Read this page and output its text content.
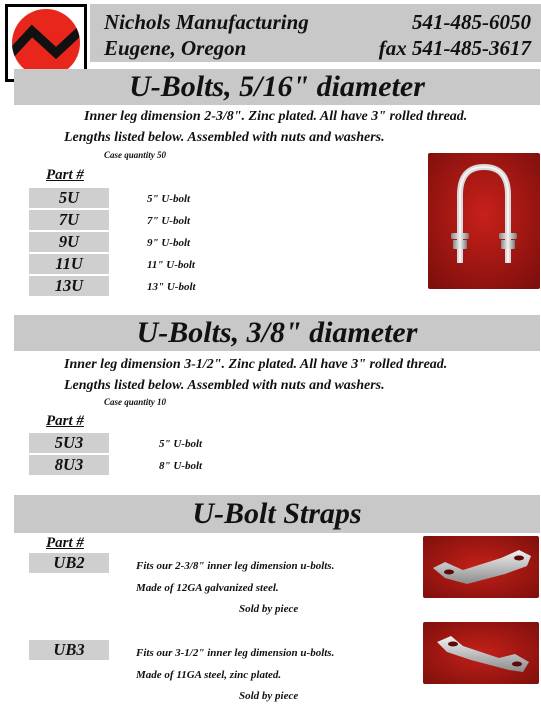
Nichols Manufacturing
Eugene, Oregon
541-485-6050
fax 541-485-3617
U-Bolts, 5/16" diameter
Inner leg dimension 2-3/8". Zinc plated. All have 3" rolled thread.
Lengths listed below. Assembled with nuts and washers.
Case quantity 50
Part #
5U	5" U-bolt
7U	7" U-bolt
9U	9" U-bolt
11U	11" U-bolt
13U	13" U-bolt
U-Bolts, 3/8" diameter
Inner leg dimension 3-1/2". Zinc plated. All have 3" rolled thread.
Lengths listed below. Assembled with nuts and washers.
Case quantity 10
Part #
5U3	5" U-bolt
8U3	8" U-bolt
U-Bolt Straps
Part #
UB2	Fits our 2-3/8" inner leg dimension u-bolts.
Made of 12GA galvanized steel.
Sold by piece
UB3	Fits our 3-1/2" inner leg dimension u-bolts.
Made of 11GA steel, zinc plated.
Sold by piece
